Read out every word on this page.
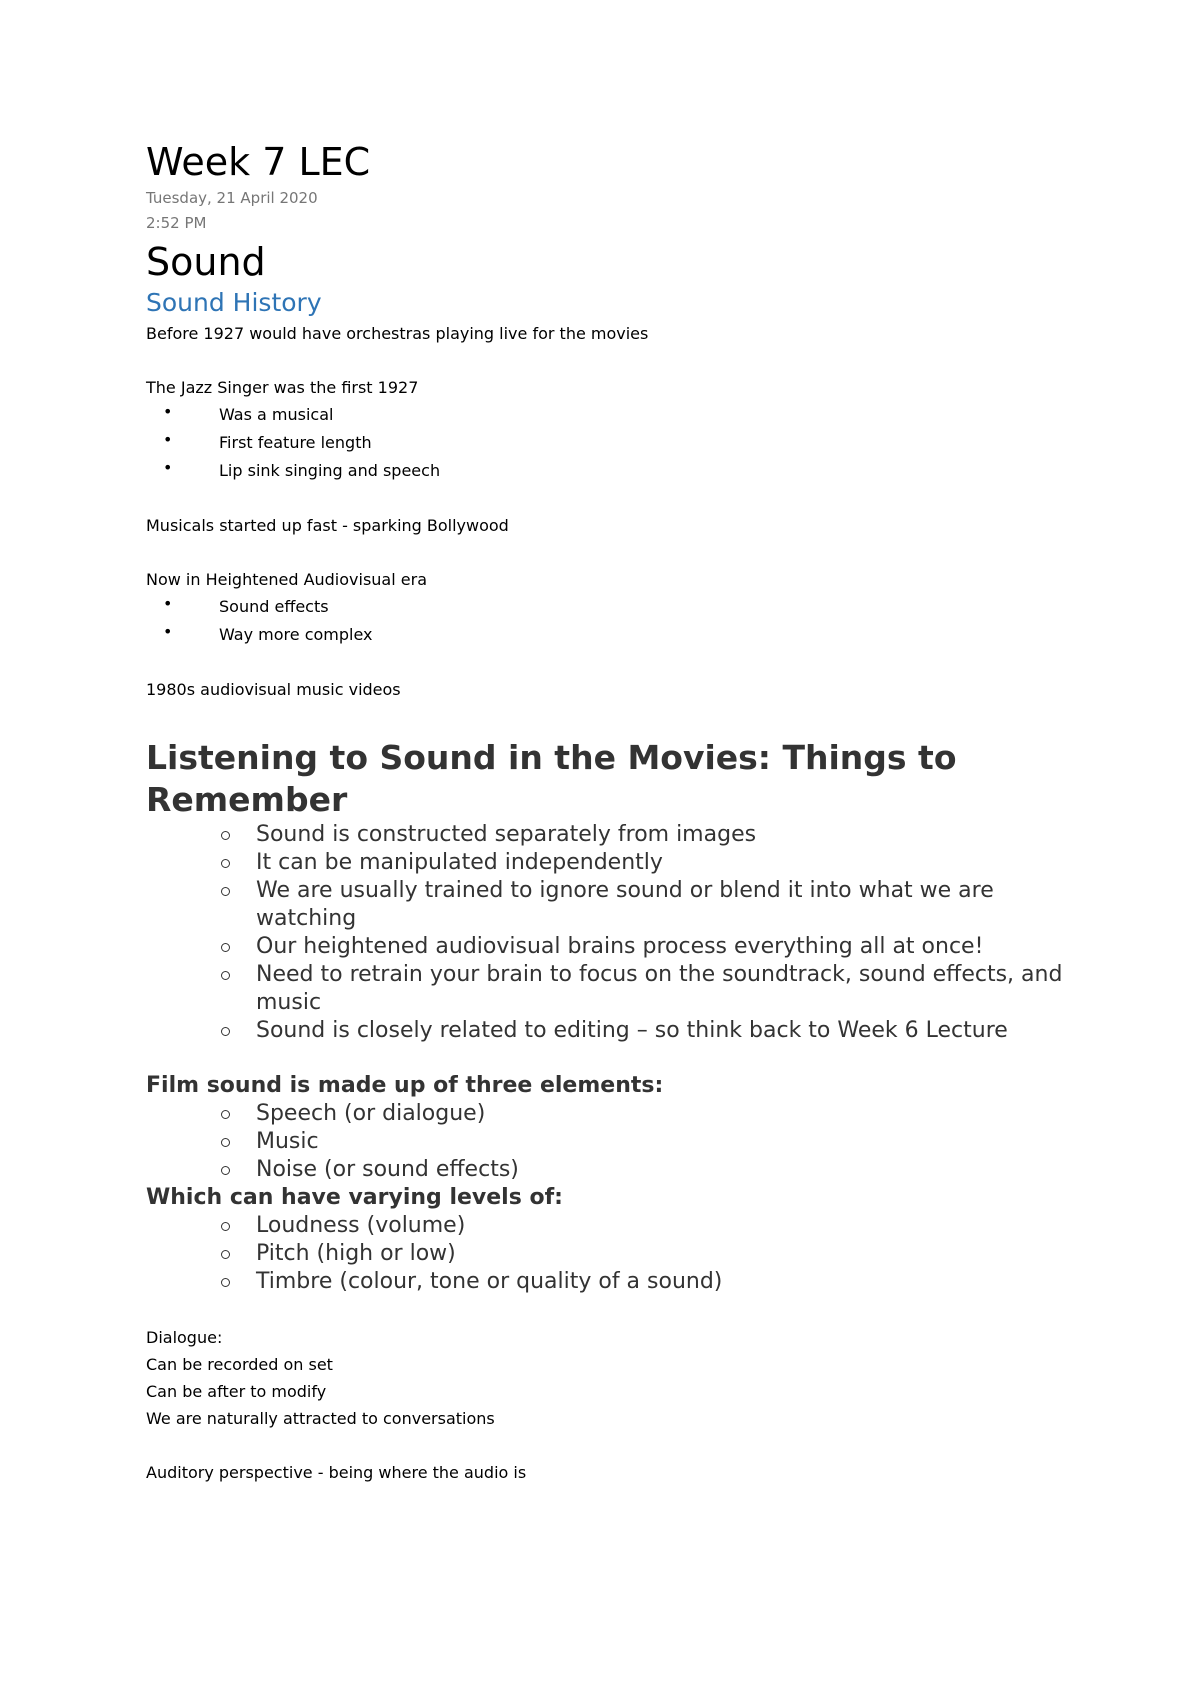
Week 7 LEC
Tuesday, 21 April 2020
2:52 PM
Sound
Sound History
Before 1927 would have orchestras playing live for the movies
The Jazz Singer was the first 1927
•	Was a musical
•	First feature length
•	Lip sink singing and speech
Musicals started up fast - sparking Bollywood
Now in Heightened Audiovisual era
•	Sound effects
•	Way more complex
1980s audiovisual music videos
Listening to Sound in the Movies: Things to Remember
Sound is constructed separately from images
It can be manipulated independently
We are usually trained to ignore sound or blend it into what we are watching
Our heightened audiovisual brains process everything all at once!
Need to retrain your brain to focus on the soundtrack, sound effects, and music
Sound is closely related to editing – so think back to Week 6 Lecture
Film sound is made up of three elements:
Speech (or dialogue)
Music
Noise (or sound effects)
Which can have varying levels of:
Loudness (volume)
Pitch (high or low)
Timbre (colour, tone or quality of a sound)
Dialogue:
Can be recorded on set
Can be after to modify
We are naturally attracted to conversations
Auditory perspective - being where the audio is
